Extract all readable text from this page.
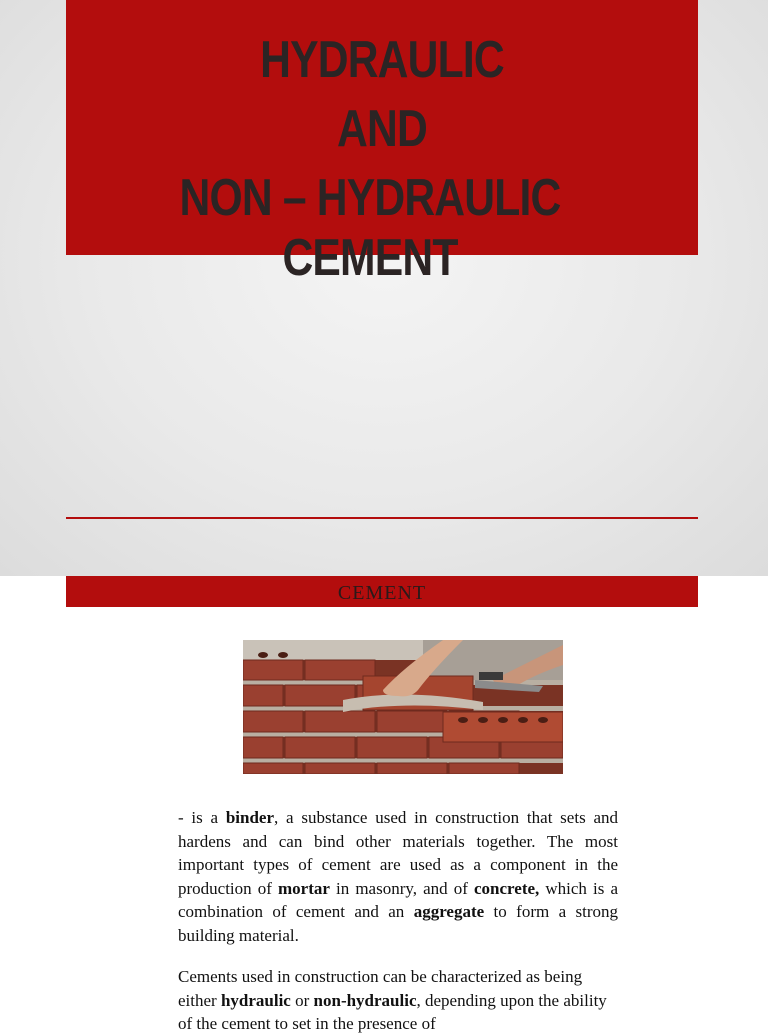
HYDRAULIC
AND
NON – HYDRAULIC CEMENT
CEMENT
- is a binder, a substance used in construction that sets and hardens and can bind other materials together. The most important types of cement are used as a component in the production of mortar in masonry, and of concrete, which is a combination of cement and an aggregate to form a strong building material.
Cements used in construction can be characterized as being either hydraulic or non-hydraulic, depending upon the ability of the cement to set in the presence of
